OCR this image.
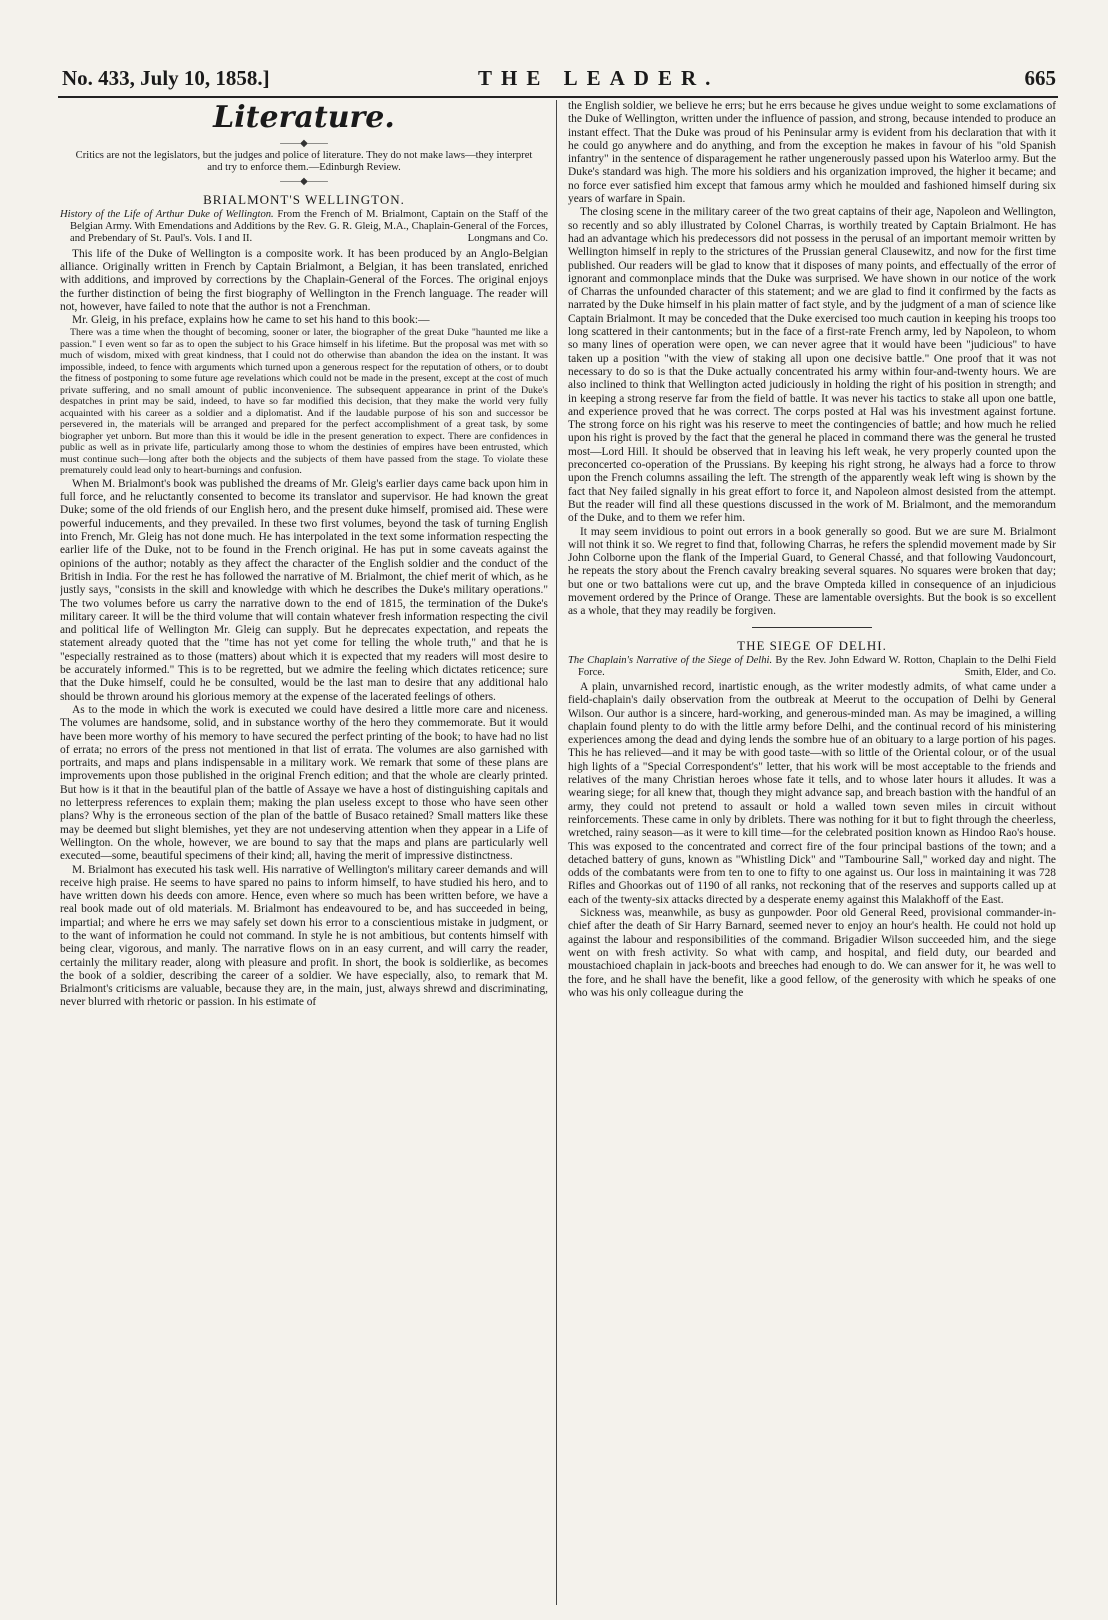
No. 433, July 10, 1858.]	THE LEADER.	665
Literature.
——◆——
Critics are not the legislators, but the judges and police of literature. They do not make laws—they interpret and try to enforce them.—Edinburgh Review.
——◆——
BRIALMONT'S WELLINGTON.
History of the Life of Arthur Duke of Wellington. From the French of M. Brialmont, Captain on the Staff of the Belgian Army. With Emendations and Additions by the Rev. G. R. Gleig, M.A., Chaplain-General of the Forces, and Prebendary of St. Paul's. Vols. I and II.	Longmans and Co.

This life of the Duke of Wellington is a composite work. It has been produced by an Anglo-Belgian alliance. Originally written in French by Captain Brialmont, a Belgian, it has been translated, enriched with additions, and improved by corrections by the Chaplain-General of the Forces. The original enjoys the further distinction of being the first biography of Wellington in the French language. The reader will not, however, have failed to note that the author is not a Frenchman.

Mr. Gleig, in his preface, explains how he came to set his hand to this book:—

There was a time when the thought of becoming, sooner or later, the biographer of the great Duke "haunted me like a passion." I even went so far as to open the subject to his Grace himself in his lifetime. But the proposal was met with so much of wisdom, mixed with great kindness, that I could not do otherwise than abandon the idea on the instant. It was impossible, indeed, to fence with arguments which turned upon a generous respect for the reputation of others, or to doubt the fitness of postponing to some future age revelations which could not be made in the present, except at the cost of much private suffering, and no small amount of public inconvenience. The subsequent appearance in print of the Duke's despatches in print may be said, indeed, to have so far modified this decision, that they make the world very fully acquainted with his career as a soldier and a diplomatist. And if the laudable purpose of his son and successor be persevered in, the materials will be arranged and prepared for the perfect accomplishment of a great task, by some biographer yet unborn. But more than this it would be idle in the present generation to expect. There are confidences in public as well as in private life, particularly among those to whom the destinies of empires have been entrusted, which must continue such—long after both the objects and the subjects of them have passed from the stage. To violate these prematurely could lead only to heart-burnings and confusion.

When M. Brialmont's book was published the dreams of Mr. Gleig's earlier days came back upon him in full force, and he reluctantly consented to become its translator and supervisor. He had known the great Duke; some of the old friends of our English hero, and the present duke himself, promised aid. These were powerful inducements, and they prevailed. In these two first volumes, beyond the task of turning English into French, Mr. Gleig has not done much. He has interpolated in the text some information respecting the earlier life of the Duke, not to be found in the French original. He has put in some caveats against the opinions of the author; notably as they affect the character of the English soldier and the conduct of the British in India. For the rest he has followed the narrative of M. Brialmont, the chief merit of which, as he justly says, "consists in the skill and knowledge with which he describes the Duke's military operations." The two volumes before us carry the narrative down to the end of 1815, the termination of the Duke's military career. It will be the third volume that will contain whatever fresh information respecting the civil and political life of Wellington Mr. Gleig can supply. But he deprecates expectation, and repeats the statement already quoted that the "time has not yet come for telling the whole truth," and that he is "especially restrained as to those (matters) about which it is expected that my readers will most desire to be accurately informed." This is to be regretted, but we admire the feeling which dictates reticence; sure that the Duke himself, could he be consulted, would be the last man to desire that any additional halo should be thrown around his glorious memory at the expense of the lacerated feelings of others.

As to the mode in which the work is executed we could have desired a little more care and niceness. The volumes are handsome, solid, and in substance worthy of the hero they commemorate. But it would have been more worthy of his memory to have secured the perfect printing of the book; to have had no list of errata; no errors of the press not mentioned in that list of errata. The volumes are also garnished with portraits, and maps and plans indispensable in a military work. We remark that some of these plans are improvements upon those published in the original French edition; and that the whole are clearly printed. But how is it that in the beautiful plan of the battle of Assaye we have a host of distinguishing capitals and no letterpress references to explain them; making the plan useless except to those who have seen other plans? Why is the erroneous section of the plan of the battle of Busaco retained? Small matters like these may be deemed but slight blemishes, yet they are not undeserving attention when they appear in a Life of Wellington. On the whole, however, we are bound to say that the maps and plans are particularly well executed—some, beautiful specimens of their kind; all, having the merit of impressive distinctness.

M. Brialmont has executed his task well. His narrative of Wellington's military career demands and will receive high praise. He seems to have spared no pains to inform himself, to have studied his hero, and to have written down his deeds con amore. Hence, even where so much has been written before, we have a real book made out of old materials. M. Brialmont has endeavoured to be, and has succeeded in being, impartial; and where he errs we may safely set down his error to a conscientious mistake in judgment, or to the want of information he could not command. In style he is not ambitious, but contents himself with being clear, vigorous, and manly. The narrative flows on in an easy current, and will carry the reader, certainly the military reader, along with pleasure and profit. In short, the book is soldierlike, as becomes the book of a soldier, describing the career of a soldier. We have especially, also, to remark that M. Brialmont's criticisms are valuable, because they are, in the main, just, always shrewd and discriminating, never blurred with rhetoric or passion. In his estimate of

the English soldier, we believe he errs; but he errs because he gives undue weight to some exclamations of the Duke of Wellington, written under the influence of passion, and strong, because intended to produce an instant effect. That the Duke was proud of his Peninsular army is evident from his declaration that with it he could go anywhere and do anything, and from the exception he makes in favour of his "old Spanish infantry" in the sentence of disparagement he rather ungenerously passed upon his Waterloo army. But the Duke's standard was high. The more his soldiers and his organization improved, the higher it became; and no force ever satisfied him except that famous army which he moulded and fashioned himself during six years of warfare in Spain.

The closing scene in the military career of the two great captains of their age, Napoleon and Wellington, so recently and so ably illustrated by Colonel Charras, is worthily treated by Captain Brialmont. He has had an advantage which his predecessors did not possess in the perusal of an important memoir written by Wellington himself in reply to the strictures of the Prussian general Clausewitz, and now for the first time published. Our readers will be glad to know that it disposes of many points, and effectually of the error of ignorant and commonplace minds that the Duke was surprised. We have shown in our notice of the work of Charras the unfounded character of this statement; and we are glad to find it confirmed by the facts as narrated by the Duke himself in his plain matter of fact style, and by the judgment of a man of science like Captain Brialmont. It may be conceded that the Duke exercised too much caution in keeping his troops too long scattered in their cantonments; but in the face of a first-rate French army, led by Napoleon, to whom so many lines of operation were open, we can never agree that it would have been "judicious" to have taken up a position "with the view of staking all upon one decisive battle." One proof that it was not necessary to do so is that the Duke actually concentrated his army within four-and-twenty hours. We are also inclined to think that Wellington acted judiciously in holding the right of his position in strength; and in keeping a strong reserve far from the field of battle. It was never his tactics to stake all upon one battle, and experience proved that he was correct. The corps posted at Hal was his investment against fortune. The strong force on his right was his reserve to meet the contingencies of battle; and how much he relied upon his right is proved by the fact that the general he placed in command there was the general he trusted most—Lord Hill. It should be observed that in leaving his left weak, he very properly counted upon the preconcerted co-operation of the Prussians. By keeping his right strong, he always had a force to throw upon the French columns assailing the left. The strength of the apparently weak left wing is shown by the fact that Ney failed signally in his great effort to force it, and Napoleon almost desisted from the attempt. But the reader will find all these questions discussed in the work of M. Brialmont, and the memorandum of the Duke, and to them we refer him.

It may seem invidious to point out errors in a book generally so good. But we are sure M. Brialmont will not think it so. We regret to find that, following Charras, he refers the splendid movement made by Sir John Colborne upon the flank of the Imperial Guard, to General Chassé, and that following Vaudoncourt, he repeats the story about the French cavalry breaking several squares. No squares were broken that day; but one or two battalions were cut up, and the brave Ompteda killed in consequence of an injudicious movement ordered by the Prince of Orange. These are lamentable oversights. But the book is so excellent as a whole, that they may readily be forgiven.

THE SIEGE OF DELHI.
The Chaplain's Narrative of the Siege of Delhi. By the Rev. John Edward W. Rotton, Chaplain to the Delhi Field Force.	Smith, Elder, and Co.

A plain, unvarnished record, inartistic enough, as the writer modestly admits, of what came under a field-chaplain's daily observation from the outbreak at Meerut to the occupation of Delhi by General Wilson. Our author is a sincere, hard-working, and generous-minded man. As may be imagined, a willing chaplain found plenty to do with the little army before Delhi, and the continual record of his ministering experiences among the dead and dying lends the sombre hue of an obituary to a large portion of his pages. This he has relieved—and it may be with good taste—with so little of the Oriental colour, or of the usual high lights of a "Special Correspondent's" letter, that his work will be most acceptable to the friends and relatives of the many Christian heroes whose fate it tells, and to whose later hours it alludes. It was a wearing siege; for all knew that, though they might advance sap, and breach bastion with the handful of an army, they could not pretend to assault or hold a walled town seven miles in circuit without reinforcements. These came in only by driblets. There was nothing for it but to fight through the cheerless, wretched, rainy season—as it were to kill time—for the celebrated position known as Hindoo Rao's house. This was exposed to the concentrated and correct fire of the four principal bastions of the town; and a detached battery of guns, known as "Whistling Dick" and "Tambourine Sall," worked day and night. The odds of the combatants were from ten to one to fifty to one against us. Our loss in maintaining it was 728 Rifles and Ghoorkas out of 1190 of all ranks, not reckoning that of the reserves and supports called up at each of the twenty-six attacks directed by a desperate enemy against this Malakhoff of the East.

Sickness was, meanwhile, as busy as gunpowder. Poor old General Reed, provisional commander-in-chief after the death of Sir Harry Barnard, seemed never to enjoy an hour's health. He could not hold up against the labour and responsibilities of the command. Brigadier Wilson succeeded him, and the siege went on with fresh activity. So what with camp, and hospital, and field duty, our bearded and moustachioed chaplain in jack-boots and breeches had enough to do. We can answer for it, he was well to the fore, and he shall have the benefit, like a good fellow, of the generosity with which he speaks of one who was his only colleague during the
